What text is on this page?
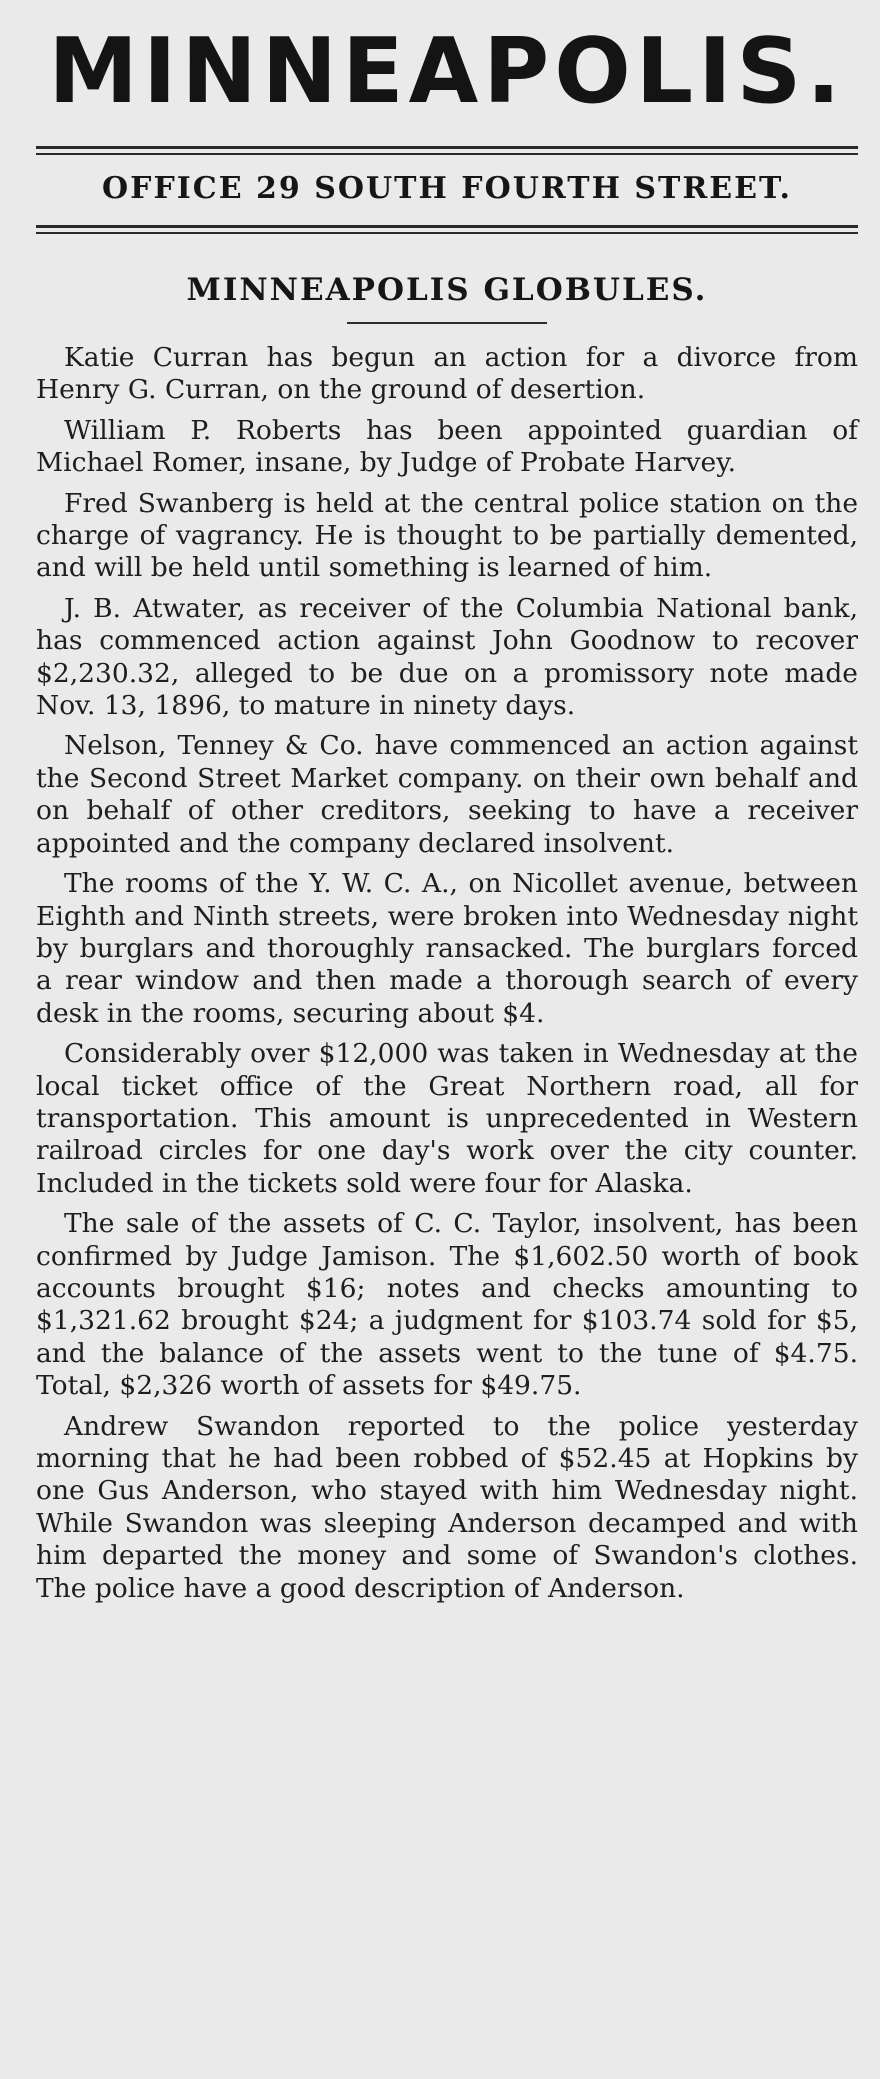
MINNEAPOLIS.
OFFICE 29 SOUTH FOURTH STREET.
MINNEAPOLIS GLOBULES.

Katie Curran has begun an action for a divorce from Henry G. Curran, on the ground of desertion.

William P. Roberts has been appointed guardian of Michael Romer, insane, by Judge of Probate Harvey.

Fred Swanberg is held at the central police station on the charge of vagrancy. He is thought to be partially demented, and will be held until something is learned of him.

J. B. Atwater, as receiver of the Columbia National bank, has commenced action against John Goodnow to recover $2,230.32, alleged to be due on a promissory note made Nov. 13, 1896, to mature in ninety days.

Nelson, Tenney & Co. have commenced an action against the Second Street Market company. on their own behalf and on behalf of other creditors, seeking to have a receiver appointed and the company declared insolvent.

The rooms of the Y. W. C. A., on Nicollet avenue, between Eighth and Ninth streets, were broken into Wednesday night by burglars and thoroughly ransacked. The burglars forced a rear window and then made a thorough search of every desk in the rooms, securing about $4.

Considerably over $12,000 was taken in Wednesday at the local ticket office of the Great Northern road, all for transportation. This amount is unprecedented in Western railroad circles for one day's work over the city counter. Included in the tickets sold were four for Alaska.

The sale of the assets of C. C. Taylor, insolvent, has been confirmed by Judge Jamison. The $1,602.50 worth of book accounts brought $16; notes and checks amounting to $1,321.62 brought $24; a judgment for $103.74 sold for $5, and the balance of the assets went to the tune of $4.75. Total, $2,326 worth of assets for $49.75.

Andrew Swandon reported to the police yesterday morning that he had been robbed of $52.45 at Hopkins by one Gus Anderson, who stayed with him Wednesday night. While Swandon was sleeping Anderson decamped and with him departed the money and some of Swandon's clothes. The police have a good description of Anderson.
